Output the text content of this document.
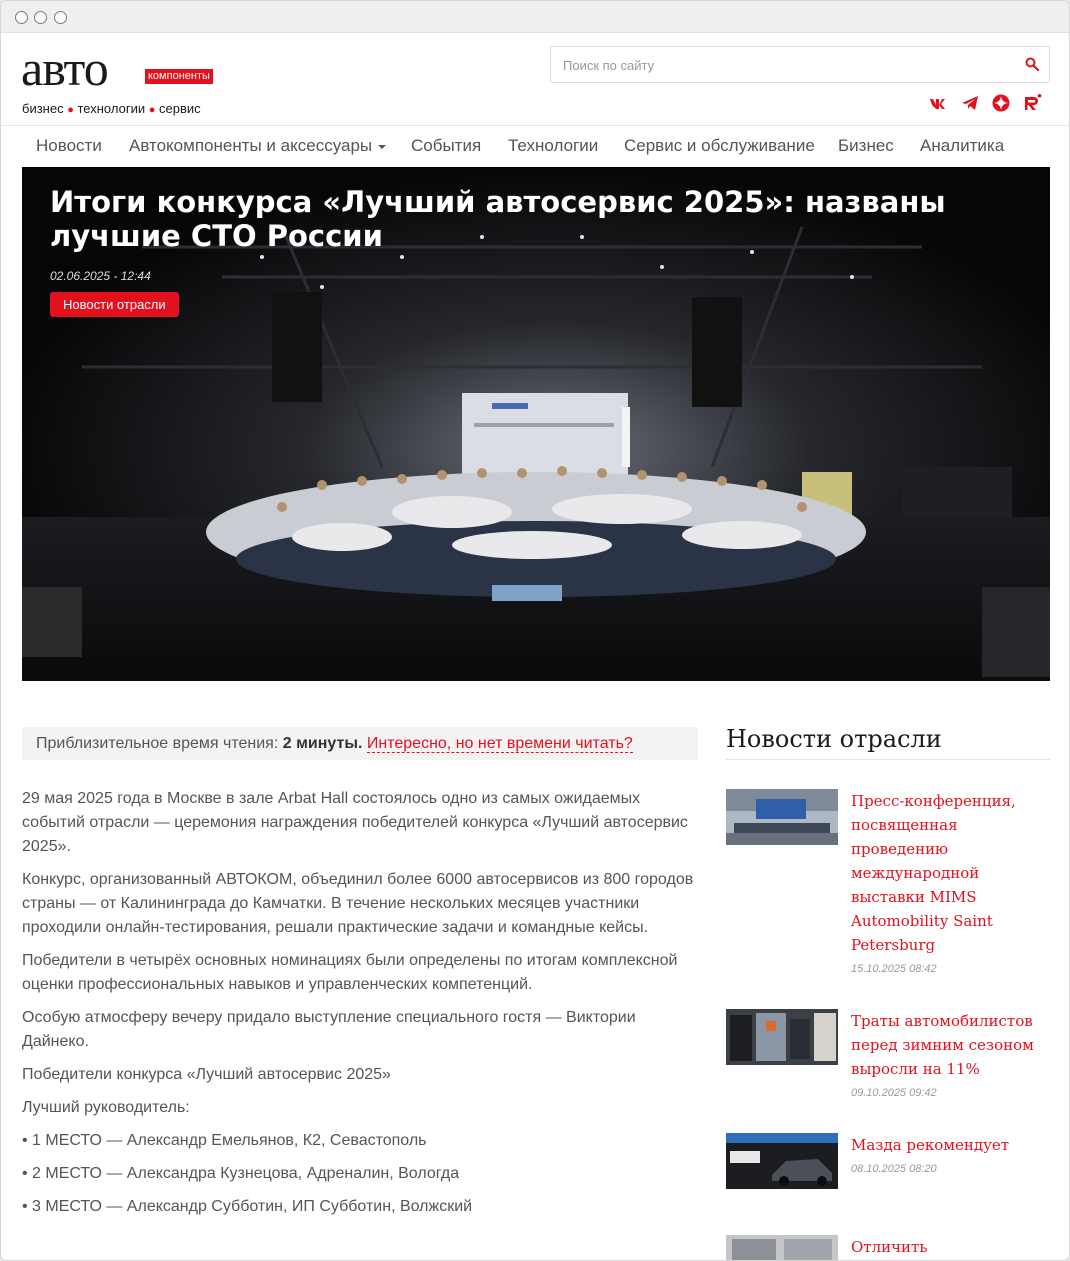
авто	компоненты
бизнес ● технологии ● сервис
Поиск по сайту
Новости Автокомпоненты и аксессуары	События Технологии Сервис и обслуживание Бизнес Аналитика
Итоги конкурса «Лучший автосервис 2025»: названы лучшие СТО России
02.06.2025 - 12:44
Новости отрасли
Приблизительное время чтения: 2 минуты. Интересно, но нет времени читать?

29 мая 2025 года в Москве в зале Arbat Hall состоялось одно из самых ожидаемых событий отрасли — церемония награждения победителей конкурса «Лучший автосервис 2025».

Конкурс, организованный АВТОКОМ, объединил более 6000 автосервисов из 800 городов страны — от Калининграда до Камчатки. В течение нескольких месяцев участники проходили онлайн-тестирования, решали практические задачи и командные кейсы.

Победители в четырёх основных номинациях были определены по итогам комплексной оценки профессиональных навыков и управленческих компетенций.

Особую атмосферу вечеру придало выступление специального гостя — Виктории Дайнеко.

Победители конкурса «Лучший автосервис 2025»

Лучший руководитель:

• 1 МЕСТО — Александр Емельянов, К2, Севастополь

• 2 МЕСТО — Александра Кузнецова, Адреналин, Вологда

• 3 МЕСТО — Александр Субботин, ИП Субботин, Волжский

Новости отрасли
Пресс-конференция, посвященная проведению международной выставки MIMS Automobility Saint Petersburg
15.10.2025 08:42
Траты автомобилистов перед зимним сезоном выросли на 11%
09.10.2025 09:42
Мазда рекомендует
08.10.2025 08:20
Отличить
